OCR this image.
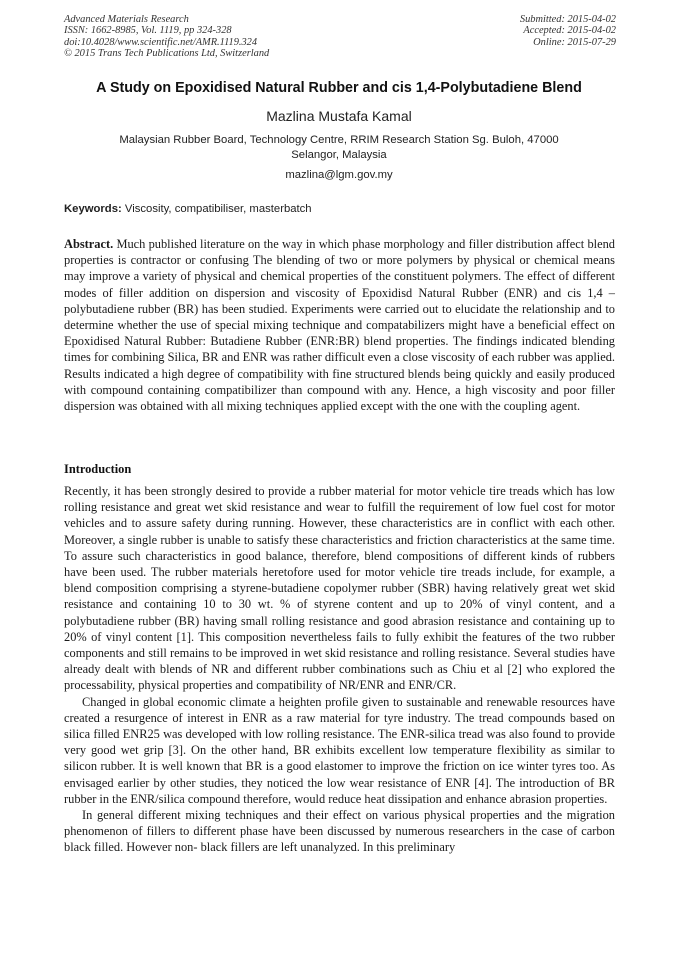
Advanced Materials Research
ISSN: 1662-8985, Vol. 1119, pp 324-328
doi:10.4028/www.scientific.net/AMR.1119.324
© 2015 Trans Tech Publications Ltd, Switzerland
Submitted: 2015-04-02
Accepted: 2015-04-02
Online: 2015-07-29
A Study on Epoxidised Natural Rubber and cis 1,4-Polybutadiene Blend
Mazlina Mustafa Kamal
Malaysian Rubber Board, Technology Centre, RRIM Research Station Sg. Buloh, 47000
Selangor, Malaysia
mazlina@lgm.gov.my
Keywords: Viscosity, compatibiliser, masterbatch

Abstract. Much published literature on the way in which phase morphology and filler distribution affect blend properties is contractor or confusing The blending of two or more polymers by physical or chemical means may improve a variety of physical and chemical properties of the constituent polymers. The effect of different modes of filler addition on dispersion and viscosity of Epoxidisd Natural Rubber (ENR) and cis 1,4 –polybutadiene rubber (BR) has been studied. Experiments were carried out to elucidate the relationship and to determine whether the use of special mixing technique and compatabilizers might have a beneficial effect on Epoxidised Natural Rubber: Butadiene Rubber (ENR:BR) blend properties. The findings indicated blending times for combining Silica, BR and ENR was rather difficult even a close viscosity of each rubber was applied. Results indicated a high degree of compatibility with fine structured blends being quickly and easily produced with compound containing compatibilizer than compound with any. Hence, a high viscosity and poor filler dispersion was obtained with all mixing techniques applied except with the one with the coupling agent.

Introduction

Recently, it has been strongly desired to provide a rubber material for motor vehicle tire treads which has low rolling resistance and great wet skid resistance and wear to fulfill the requirement of low fuel cost for motor vehicles and to assure safety during running. However, these characteristics are in conflict with each other. Moreover, a single rubber is unable to satisfy these characteristics and friction characteristics at the same time. To assure such characteristics in good balance, therefore, blend compositions of different kinds of rubbers have been used. The rubber materials heretofore used for motor vehicle tire treads include, for example, a blend composition comprising a styrene-butadiene copolymer rubber (SBR) having relatively great wet skid resistance and containing 10 to 30 wt. % of styrene content and up to 20% of vinyl content, and a polybutadiene rubber (BR) having small rolling resistance and good abrasion resistance and containing up to 20% of vinyl content [1]. This composition nevertheless fails to fully exhibit the features of the two rubber components and still remains to be improved in wet skid resistance and rolling resistance. Several studies have already dealt with blends of NR and different rubber combinations such as Chiu et al [2] who explored the processability, physical properties and compatibility of NR/ENR and ENR/CR.

Changed in global economic climate a heighten profile given to sustainable and renewable resources have created a resurgence of interest in ENR as a raw material for tyre industry. The tread compounds based on silica filled ENR25 was developed with low rolling resistance. The ENR-silica tread was also found to provide very good wet grip [3]. On the other hand, BR exhibits excellent low temperature flexibility as similar to silicon rubber. It is well known that BR is a good elastomer to improve the friction on ice winter tyres too. As envisaged earlier by other studies, they noticed the low wear resistance of ENR [4]. The introduction of BR rubber in the ENR/silica compound therefore, would reduce heat dissipation and enhance abrasion properties.

In general different mixing techniques and their effect on various physical properties and the migration phenomenon of fillers to different phase have been discussed by numerous researchers in the case of carbon black filled. However non- black fillers are left unanalyzed. In this preliminary
